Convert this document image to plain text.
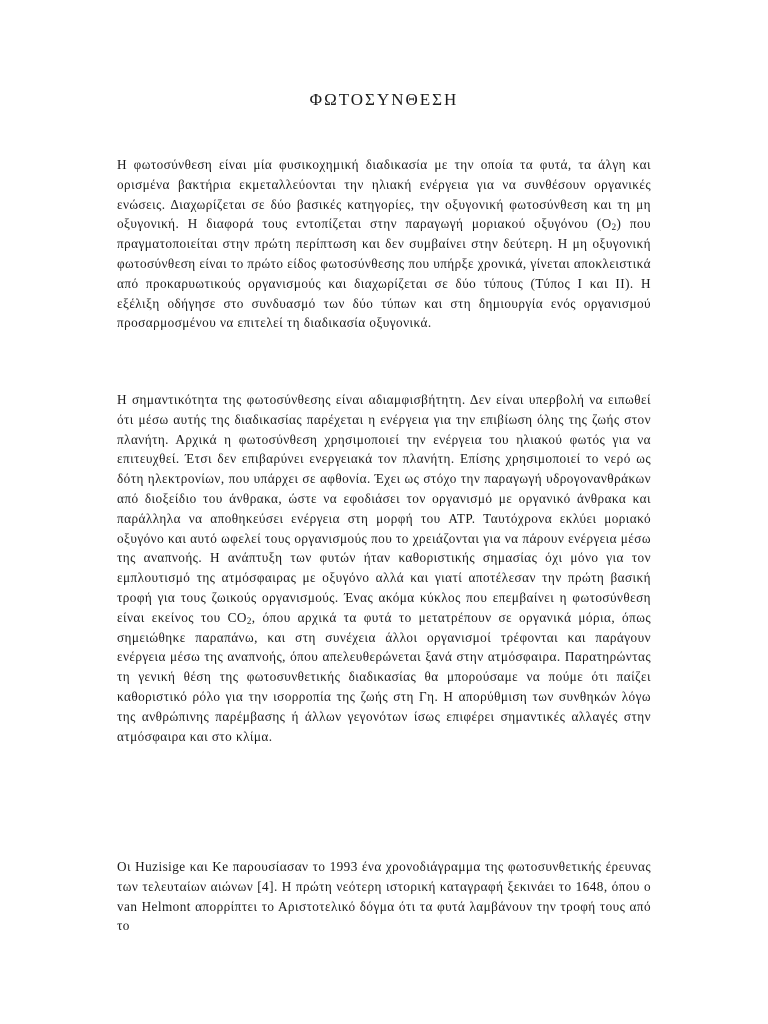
ΦΩΤΟΣΥΝΘΕΣΗ

Η φωτοσύνθεση είναι μία φυσικοχημική διαδικασία με την οποία τα φυτά, τα άλγη και ορισμένα βακτήρια εκμεταλλεύονται την ηλιακή ενέργεια για να συνθέσουν οργανικές ενώσεις. Διαχωρίζεται σε δύο βασικές κατηγορίες, την οξυγονική φωτοσύνθεση και τη μη οξυγονική. Η διαφορά τους εντοπίζεται στην παραγωγή μοριακού οξυγόνου $(O_2)$ που πραγματοποιείται στην πρώτη περίπτωση και δεν συμβαίνει στην δεύτερη. Η μη οξυγονική φωτοσύνθεση είναι το πρώτο είδος φωτοσύνθεσης που υπήρξε χρονικά, γίνεται αποκλειστικά από προκαρυωτικούς οργανισμούς και διαχωρίζεται σε δύο τύπους (Τύπος Ι και ΙΙ). Η εξέλιξη οδήγησε στο συνδυασμό των δύο τύπων και στη δημιουργία ενός οργανισμού προσαρμοσμένου να επιτελεί τη διαδικασία οξυγονικά.

Η σημαντικότητα της φωτοσύνθεσης είναι αδιαμφισβήτητη. Δεν είναι υπερβολή να ειπωθεί ότι μέσω αυτής της διαδικασίας παρέχεται η ενέργεια για την επιβίωση όλης της ζωής στον πλανήτη. Αρχικά η φωτοσύνθεση χρησιμοποιεί την ενέργεια του ηλιακού φωτός για να επιτευχθεί. Έτσι δεν επιβαρύνει ενεργειακά τον πλανήτη. Επίσης χρησιμοποιεί το νερό ως δότη ηλεκτρονίων, που υπάρχει σε αφθονία. Έχει ως στόχο την παραγωγή υδρογονανθράκων από διοξείδιο του άνθρακα, ώστε να εφοδιάσει τον οργανισμό με οργανικό άνθρακα και παράλληλα να αποθηκεύσει ενέργεια στη μορφή του ATP. Ταυτόχρονα εκλύει μοριακό οξυγόνο και αυτό ωφελεί τους οργανισμούς που το χρειάζονται για να πάρουν ενέργεια μέσω της αναπνοής. Η ανάπτυξη των φυτών ήταν καθοριστικής σημασίας όχι μόνο για τον εμπλουτισμό της ατμόσφαιρας με οξυγόνο αλλά και γιατί αποτέλεσαν την πρώτη βασική τροφή για τους ζωικούς οργανισμούς. Ένας ακόμα κύκλος που επεμβαίνει η φωτοσύνθεση είναι εκείνος του $CO_2$, όπου αρχικά τα φυτά το μετατρέπουν σε οργανικά μόρια, όπως σημειώθηκε παραπάνω, και στη συνέχεια άλλοι οργανισμοί τρέφονται και παράγουν ενέργεια μέσω της αναπνοής, όπου απελευθερώνεται ξανά στην ατμόσφαιρα. Παρατηρώντας τη γενική θέση της φωτοσυνθετικής διαδικασίας θα μπορούσαμε να πούμε ότι παίζει καθοριστικό ρόλο για την ισορροπία της ζωής στη Γη. Η απορύθμιση των συνθηκών λόγω της ανθρώπινης παρέμβασης ή άλλων γεγονότων ίσως επιφέρει σημαντικές αλλαγές στην ατμόσφαιρα και στο κλίμα.

Οι Huzisige και Ke παρουσίασαν το 1993 ένα χρονοδιάγραμμα της φωτοσυνθετικής έρευνας των τελευταίων αιώνων [4]. Η πρώτη νεότερη ιστορική καταγραφή ξεκινάει το 1648, όπου ο van Helmont απορρίπτει το Αριστοτελικό δόγμα ότι τα φυτά λαμβάνουν την τροφή τους από το
